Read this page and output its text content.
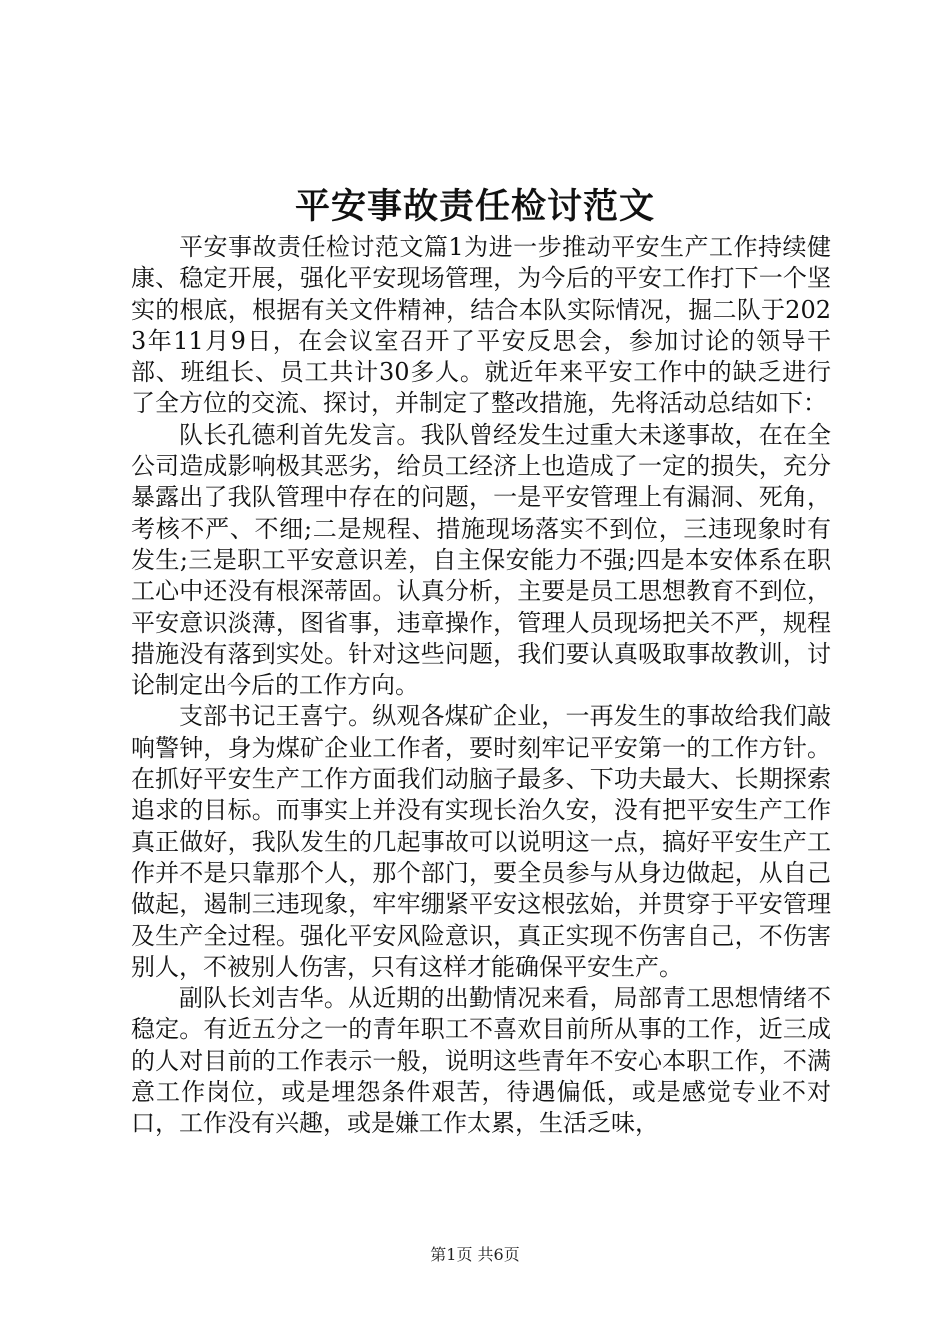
平安事故责任检讨范文

平安事故责任检讨范文篇1为进一步推动平安生产工作持续健康、稳定开展，强化平安现场管理，为今后的平安工作打下一个坚实的根底，根据有关文件精神，结合本队实际情况，掘二队于2023年11月9日，在会议室召开了平安反思会，参加讨论的领导干部、班组长、员工共计30多人。就近年来平安工作中的缺乏进行了全方位的交流、探讨，并制定了整改措施，先将活动总结如下：

队长孔德利首先发言。我队曾经发生过重大未遂事故，在在全公司造成影响极其恶劣，给员工经济上也造成了一定的损失，充分暴露出了我队管理中存在的问题，一是平安管理上有漏洞、死角，考核不严、不细;二是规程、措施现场落实不到位，三违现象时有发生;三是职工平安意识差，自主保安能力不强;四是本安体系在职工心中还没有根深蒂固。认真分析，主要是员工思想教育不到位，平安意识淡薄，图省事，违章操作，管理人员现场把关不严，规程措施没有落到实处。针对这些问题，我们要认真吸取事故教训，讨论制定出今后的工作方向。

支部书记王喜宁。纵观各煤矿企业，一再发生的事故给我们敲响警钟，身为煤矿企业工作者，要时刻牢记平安第一的工作方针。在抓好平安生产工作方面我们动脑子最多、下功夫最大、长期探索追求的目标。而事实上并没有实现长治久安，没有把平安生产工作真正做好，我队发生的几起事故可以说明这一点，搞好平安生产工作并不是只靠那个人，那个部门，要全员参与从身边做起，从自己做起，遏制三违现象，牢牢绷紧平安这根弦始，并贯穿于平安管理及生产全过程。强化平安风险意识，真正实现不伤害自己，不伤害别人，不被别人伤害，只有这样才能确保平安生产。

副队长刘吉华。从近期的出勤情况来看，局部青工思想情绪不稳定。有近五分之一的青年职工不喜欢目前所从事的工作，近三成的人对目前的工作表示一般，说明这些青年不安心本职工作，不满意工作岗位，或是埋怨条件艰苦，待遇偏低，或是感觉专业不对口，工作没有兴趣，或是嫌工作太累，生活乏味，

第1页 共6页
